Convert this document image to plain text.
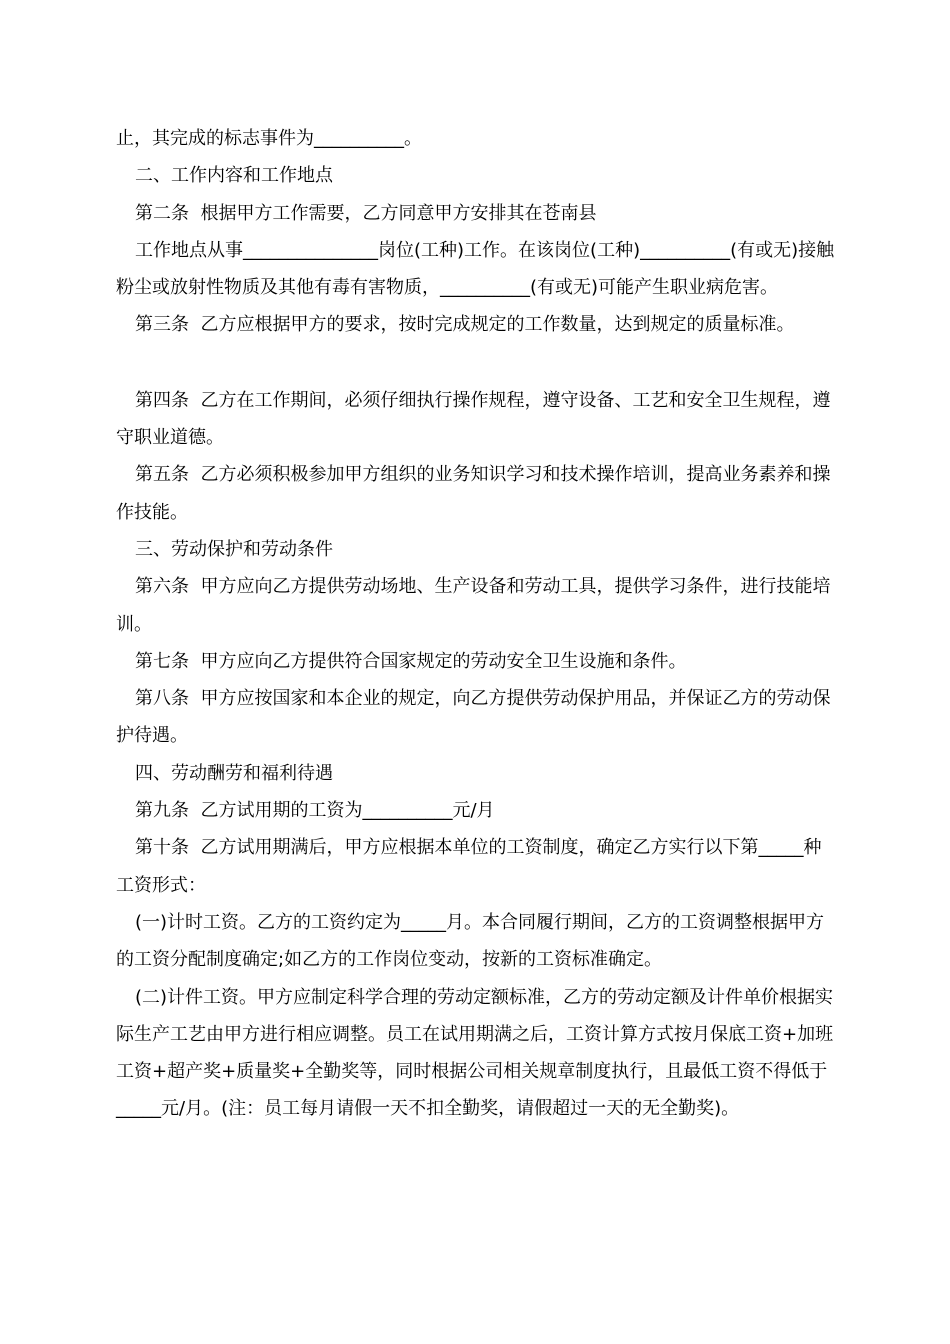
止，其完成的标志事件为__________。

二、工作内容和工作地点

第二条  根据甲方工作需要，乙方同意甲方安排其在苍南县

工作地点从事_______________岗位(工种)工作。在该岗位(工种)__________(有或无)接触粉尘或放射性物质及其他有毒有害物质，__________(有或无)可能产生职业病危害。

第三条  乙方应根据甲方的要求，按时完成规定的工作数量，达到规定的质量标准。

第四条  乙方在工作期间，必须仔细执行操作规程，遵守设备、工艺和安全卫生规程，遵守职业道德。

第五条  乙方必须积极参加甲方组织的业务知识学习和技术操作培训，提高业务素养和操作技能。

三、劳动保护和劳动条件

第六条  甲方应向乙方提供劳动场地、生产设备和劳动工具，提供学习条件，进行技能培训。

第七条  甲方应向乙方提供符合国家规定的劳动安全卫生设施和条件。

第八条  甲方应按国家和本企业的规定，向乙方提供劳动保护用品，并保证乙方的劳动保护待遇。

四、劳动酬劳和福利待遇

第九条  乙方试用期的工资为__________元/月

第十条  乙方试用期满后，甲方应根据本单位的工资制度，确定乙方实行以下第_____种工资形式：

(一)计时工资。乙方的工资约定为_____月。本合同履行期间，乙方的工资调整根据甲方的工资分配制度确定;如乙方的工作岗位变动，按新的工资标准确定。

(二)计件工资。甲方应制定科学合理的劳动定额标准，乙方的劳动定额及计件单价根据实际生产工艺由甲方进行相应调整。员工在试用期满之后，工资计算方式按月保底工资+加班工资+超产奖+质量奖+全勤奖等，同时根据公司相关规章制度执行，且最低工资不得低于_____元/月。(注：员工每月请假一天不扣全勤奖，请假超过一天的无全勤奖)。
